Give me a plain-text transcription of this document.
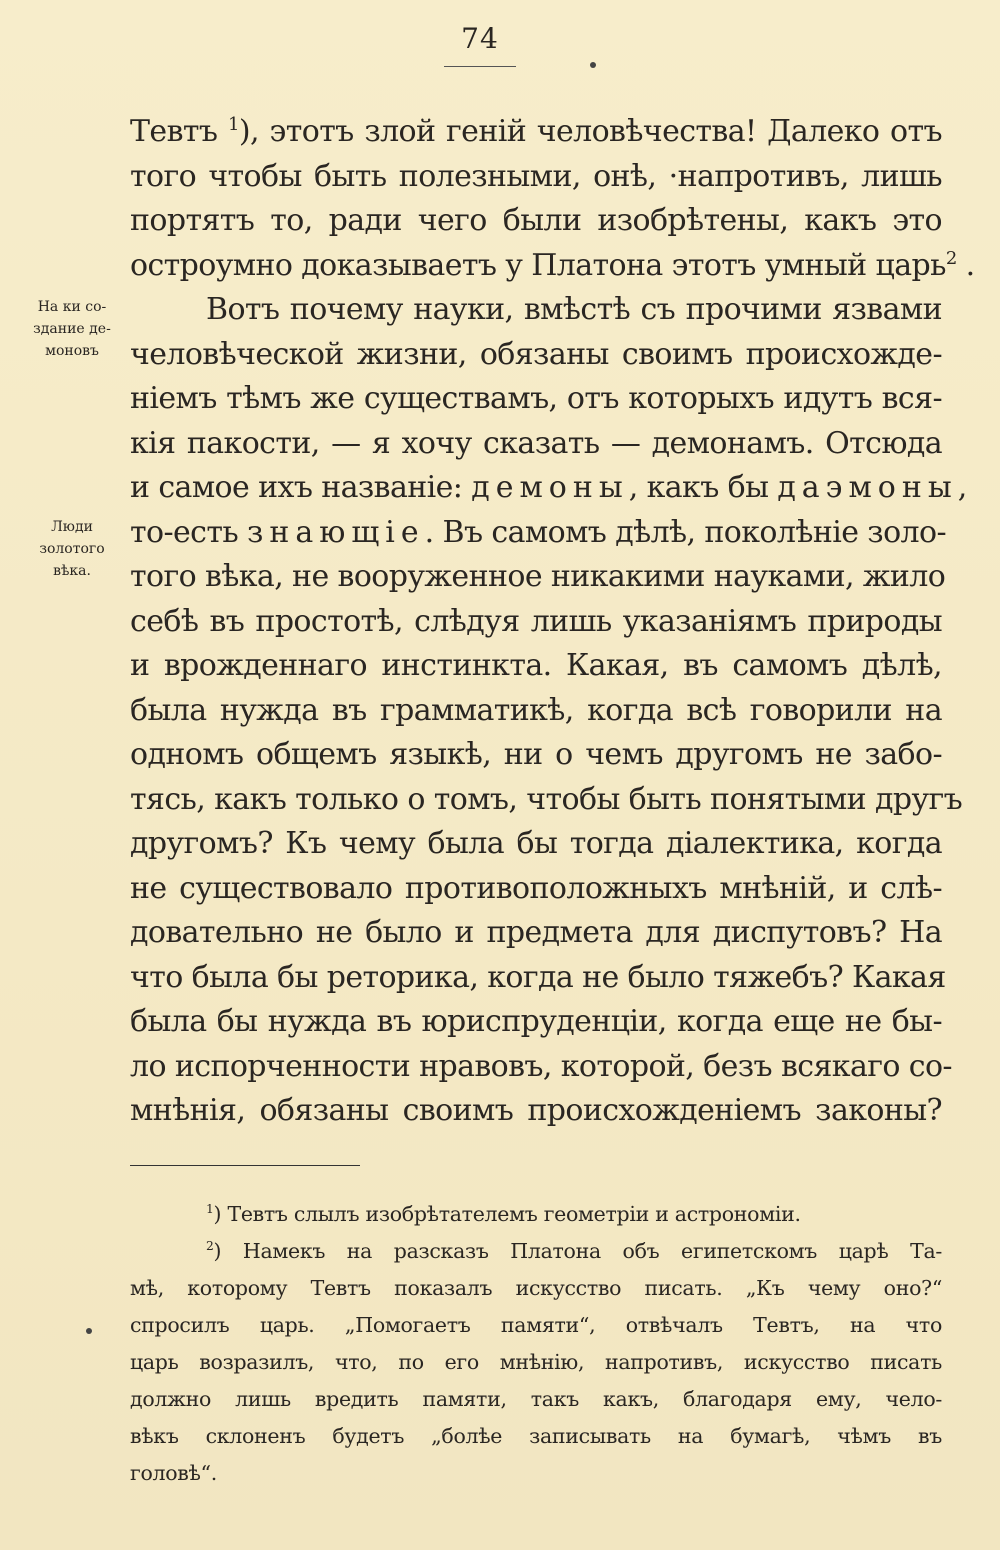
74
На ки со-
здание де-
моновъ
Люди
золотого
вѣка.
Тевтъ $^1$), этотъ злой геній человѣчества! Далеко отъ
того чтобы быть полезными, онѣ, ·напротивъ, лишь
портятъ то, ради чего были изобрѣтены, какъ это
остроумно доказываетъ у Платона этотъ умный царь$^2$ .
Вотъ почему науки, вмѣстѣ съ прочими язвами
человѣческой жизни, обязаны своимъ происхожде-
ніемъ тѣмъ же существамъ, отъ которыхъ идутъ вся-
кія пакости, — я хочу сказать — демонамъ. Отсюда
и самое ихъ названіе: демоны, какъ бы даэмоны,
то-есть знающіе. Въ самомъ дѣлѣ, поколѣніе золо-
того вѣка, не вооруженное никакими науками, жило
себѣ въ простотѣ, слѣдуя лишь указаніямъ природы
и врожденнаго инстинкта. Какая, въ самомъ дѣлѣ,
была нужда въ грамматикѣ, когда всѣ говорили на
одномъ общемъ языкѣ, ни о чемъ другомъ не забо-
тясь, какъ только о томъ, чтобы быть понятыми другъ
другомъ? Къ чему была бы тогда діалектика, когда
не существовало противоположныхъ мнѣній, и слѣ-
довательно не было и предмета для диспутовъ? На
что была бы реторика, когда не было тяжебъ? Какая
была бы нужда въ юриспруденціи, когда еще не бы-
ло испорченности нравовъ, которой, безъ всякаго со-
мнѣнія, обязаны своимъ происхожденіемъ законы?
$^1$) Тевтъ слылъ изобрѣтателемъ геометріи и астрономіи.
$^2$) Намекъ на разсказъ Платона объ египетскомъ царѣ Та-
мѣ, которому Тевтъ показалъ искусство писать. „Къ чему оно?“
спросилъ царь. „Помогаетъ памяти“, отвѣчалъ Тевтъ, на что
царь возразилъ, что, по его мнѣнію, напротивъ, искусство писать
должно лишь вредить памяти, такъ какъ, благодаря ему, чело-
вѣкъ склоненъ будетъ „болѣе записывать на бумагѣ, чѣмъ въ
головѣ“.
